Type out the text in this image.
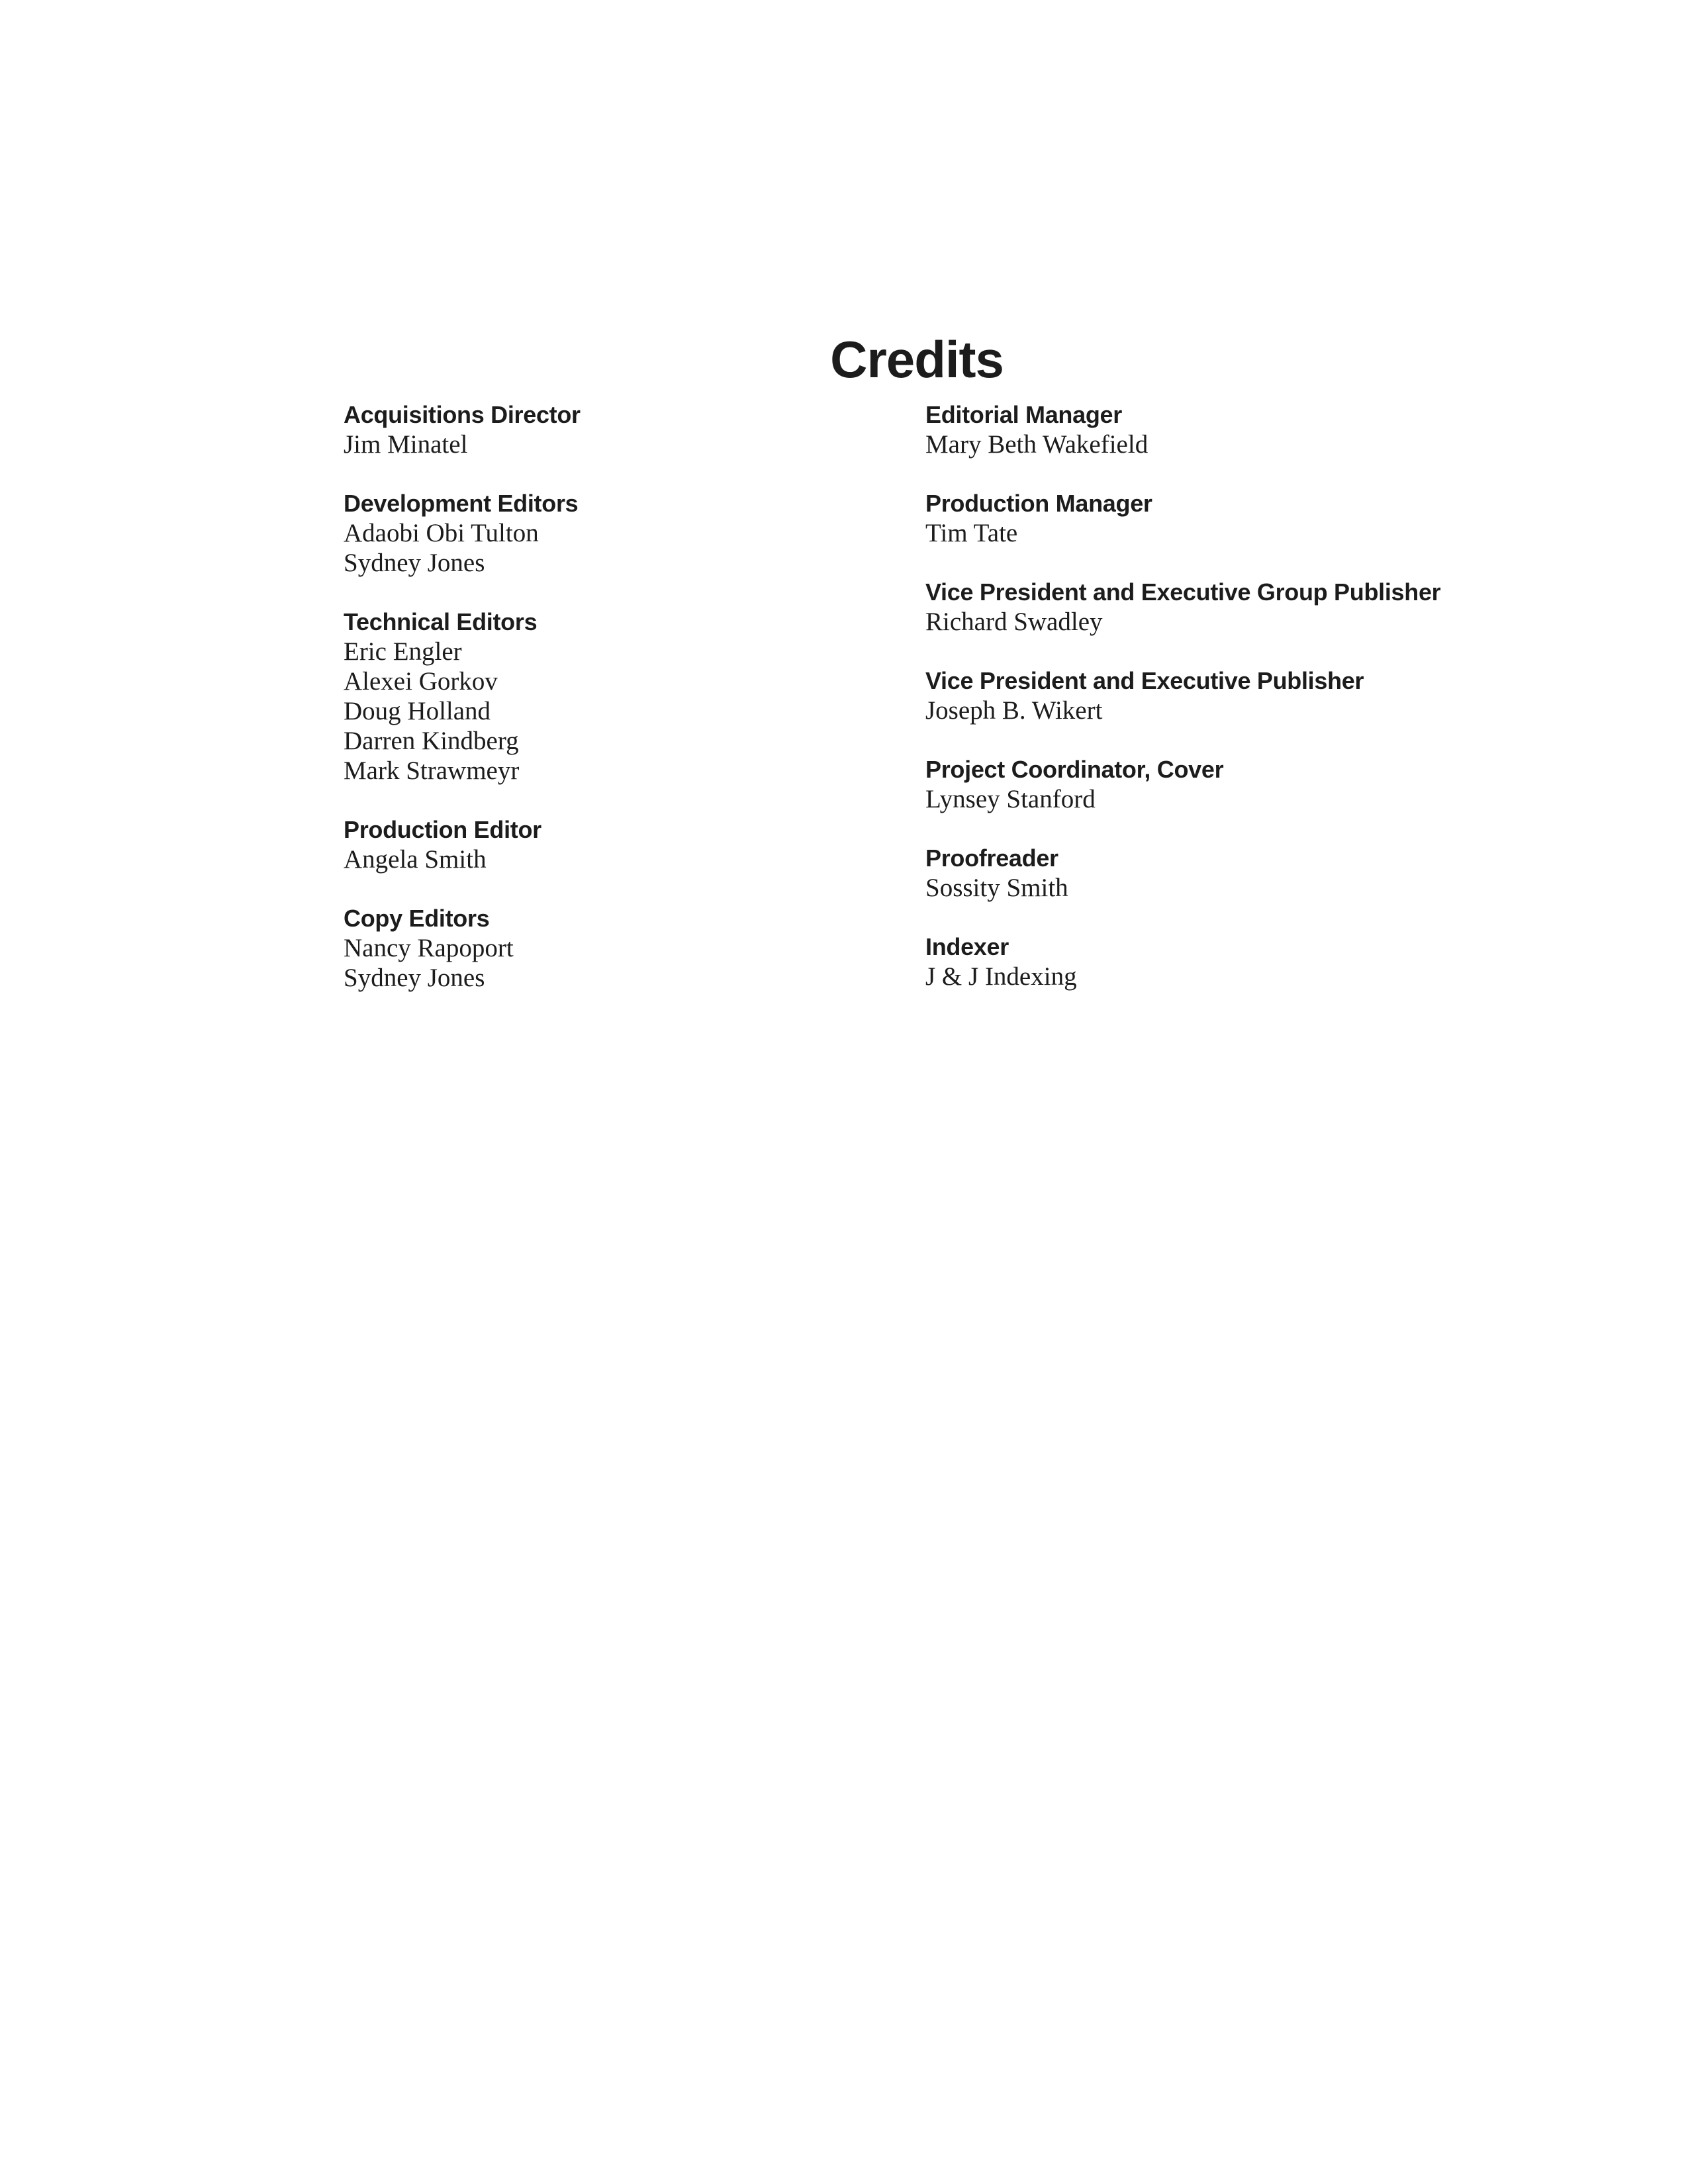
Credits
Acquisitions Director
Jim Minatel
Development Editors
Adaobi Obi Tulton
Sydney Jones
Technical Editors
Eric Engler
Alexei Gorkov
Doug Holland
Darren Kindberg
Mark Strawmeyr
Production Editor
Angela Smith
Copy Editors
Nancy Rapoport
Sydney Jones
Editorial Manager
Mary Beth Wakefield
Production Manager
Tim Tate
Vice President and Executive Group Publisher
Richard Swadley
Vice President and Executive Publisher
Joseph B. Wikert
Project Coordinator, Cover
Lynsey Stanford
Proofreader
Sossity Smith
Indexer
J & J Indexing
